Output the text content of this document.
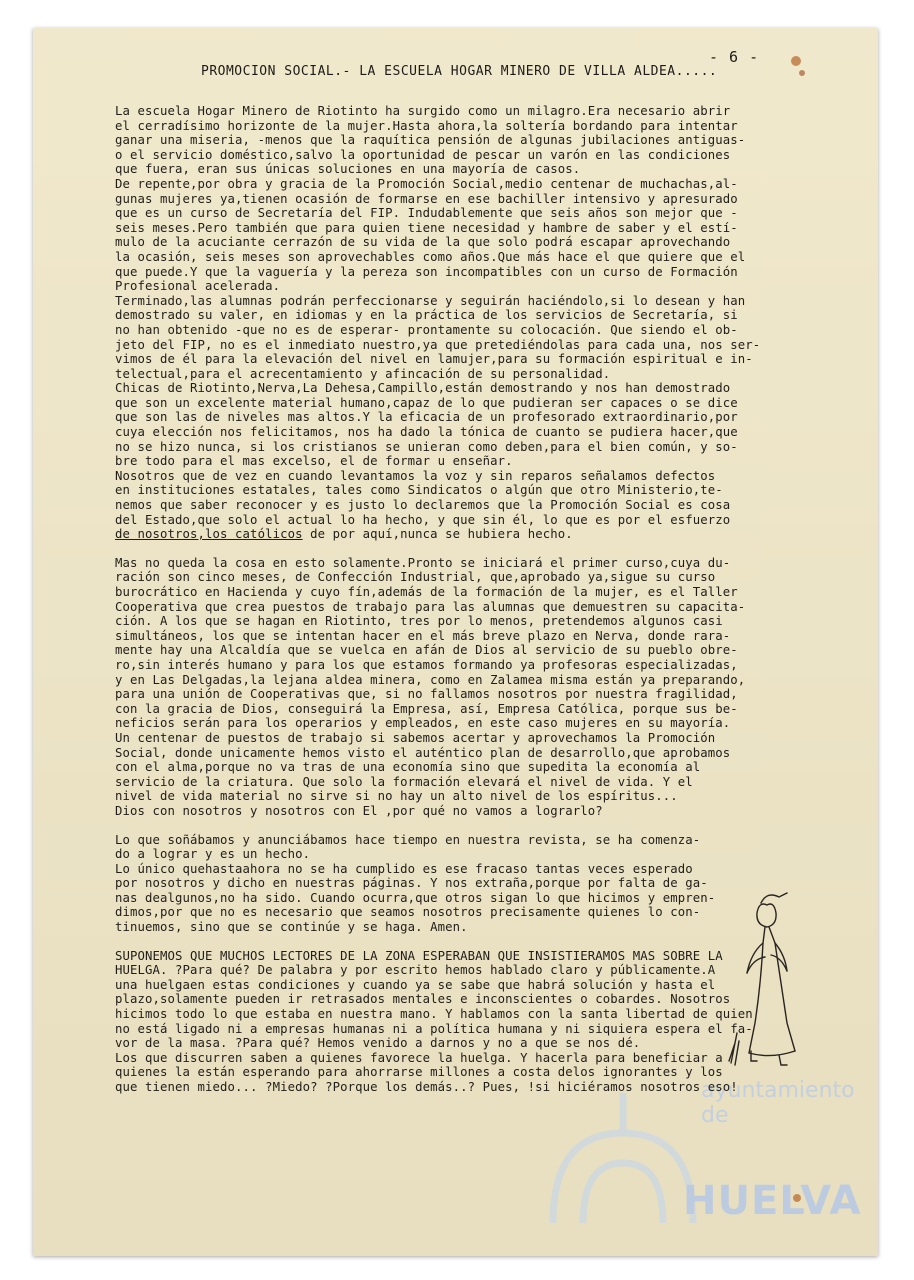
- 6 -
PROMOCION SOCIAL.- LA ESCUELA HOGAR MINERO DE VILLA ALDEA.....
ayuntamiento de
HUELVA

La escuela Hogar Minero de Riotinto ha surgido como un milagro.Era necesario abrir
el cerradísimo horizonte de la mujer.Hasta ahora,la soltería bordando para intentar
ganar una miseria, -menos que la raquítica pensión de algunas jubilaciones antiguas-
o el servicio doméstico,salvo la oportunidad de pescar un varón en las condiciones
que fuera, eran sus únicas soluciones en una mayoría de casos.

De repente,por obra y gracia de la Promoción Social,medio centenar de muchachas,al-
gunas mujeres ya,tienen ocasión de formarse en ese bachiller intensivo y apresurado
que es un curso de Secretaría del FIP. Indudablemente que seis años son mejor que -
seis meses.Pero también que para quien tiene necesidad y hambre de saber y el estí-
mulo de la acuciante cerrazón de su vida de la que solo podrá escapar aprovechando
la ocasión, seis meses son aprovechables como años.Que más hace el que quiere que el
que puede.Y que la vaguería y la pereza son incompatibles con un curso de Formación
Profesional acelerada.

Terminado,las alumnas podrán perfeccionarse y seguirán haciéndolo,si lo desean y han
demostrado su valer, en idiomas y en la práctica de los servicios de Secretaría, si
no han obtenido -que no es de esperar- prontamente su colocación. Que siendo el ob-
jeto del FIP, no es el inmediato nuestro,ya que pretediéndolas para cada una, nos ser-
vimos de él para la elevación del nivel en lamujer,para su formación espiritual e in-
telectual,para el acrecentamiento y afincación de su personalidad.

Chicas de Riotinto,Nerva,La Dehesa,Campillo,están demostrando y nos han demostrado
que son un excelente material humano,capaz de lo que pudieran ser capaces o se dice
que son las de niveles mas altos.Y la eficacia de un profesorado extraordinario,por
cuya elección nos felicitamos, nos ha dado la tónica de cuanto se pudiera hacer,que
no se hizo nunca, si los cristianos se unieran como deben,para el bien común, y so-
bre todo para el mas excelso, el de formar u enseñar.

Nosotros que de vez en cuando levantamos la voz y sin reparos señalamos defectos
en instituciones estatales, tales como Sindicatos o algún que otro Ministerio,te-
nemos que saber reconocer y es justo lo declaremos que la Promoción Social es cosa
del Estado,que solo el actual lo ha hecho, y que sin él, lo que es por el esfuerzo

de nosotros,los católicos de por aquí,nunca se hubiera hecho.

Mas no queda la cosa en esto solamente.Pronto se iniciará el primer curso,cuya du-
ración son cinco meses, de Confección Industrial, que,aprobado ya,sigue su curso
burocrático en Hacienda y cuyo fín,además de la formación de la mujer, es el Taller
Cooperativa que crea puestos de trabajo para las alumnas que demuestren su capacita-
ción. A los que se hagan en Riotinto, tres por lo menos, pretendemos algunos casi
simultáneos, los que se intentan hacer en el más breve plazo en Nerva, donde rara-
mente hay una Alcaldía que se vuelca en afán de Dios al servicio de su pueblo obre-
ro,sin interés humano y para los que estamos formando ya profesoras especializadas,
y en Las Delgadas,la lejana aldea minera, como en Zalamea misma están ya preparando,
para una unión de Cooperativas que, si no fallamos nosotros por nuestra fragilidad,
con la gracia de Dios, conseguirá la Empresa, así, Empresa Católica, porque sus be-
neficios serán para los operarios y empleados, en este caso mujeres en su mayoría.
Un centenar de puestos de trabajo si sabemos acertar y aprovechamos la Promoción
Social, donde unicamente hemos visto el auténtico plan de desarrollo,que aprobamos
con el alma,porque no va tras de una economía sino que supedita la economía al
servicio de la criatura. Que solo la formación elevará el nivel de vida. Y el
nivel de vida material no sirve si no hay un alto nivel de los espíritus...
Dios con nosotros y nosotros con El ,por qué no vamos a lograrlo?

Lo que soñábamos y anunciábamos hace tiempo en nuestra revista, se ha comenza-
do a lograr y es un hecho.
Lo único quehastaahora no se ha cumplido es ese fracaso tantas veces esperado
por nosotros y dicho en nuestras páginas. Y nos extraña,porque por falta de ga-
nas dealgunos,no ha sido. Cuando ocurra,que otros sigan lo que hicimos y empren-
dimos,por que no es necesario que seamos nosotros precisamente quienes lo con-
tinuemos, sino que se continúe y se haga. Amen.

SUPONEMOS QUE MUCHOS LECTORES DE LA ZONA ESPERABAN QUE INSISTIERAMOS MAS SOBRE LA
HUELGA. ?Para qué? De palabra y por escrito hemos hablado claro y públicamente.A
una huelgaen estas condiciones y cuando ya se sabe que habrá solución y hasta el
plazo,solamente pueden ir retrasados mentales e inconscientes o cobardes. Nosotros
hicimos todo lo que estaba en nuestra mano. Y hablamos con la santa libertad de quien
no está ligado ni a empresas humanas ni a política humana y ni siquiera espera el fa-
vor de la masa. ?Para qué? Hemos venido a darnos y no a que se nos dé.
Los que discurren saben a quienes favorece la huelga. Y hacerla para beneficiar a
quienes la están esperando para ahorrarse millones a costa delos ignorantes y los
que tienen miedo... ?Miedo? ?Porque los demás..? Pues, !si hiciéramos nosotros eso!
